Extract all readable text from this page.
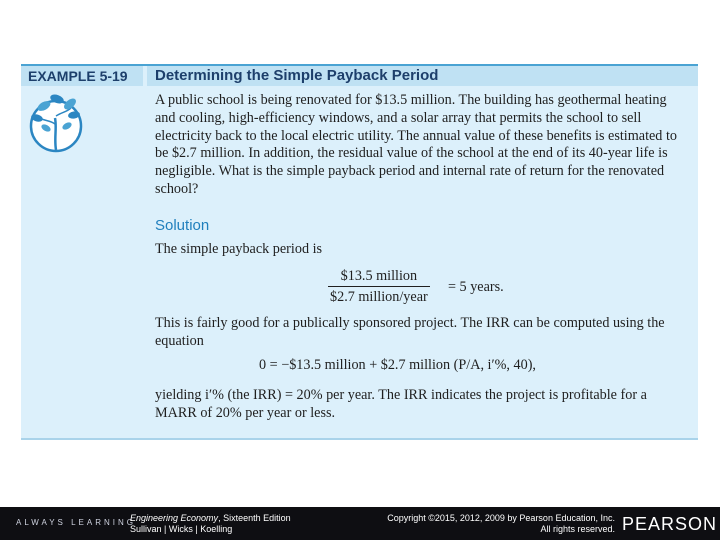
EXAMPLE 5-19	Determining the Simple Payback Period
A public school is being renovated for $13.5 million. The building has geothermal heating and cooling, high-efficiency windows, and a solar array that permits the school to sell electricity back to the local electric utility. The annual value of these benefits is estimated to be $2.7 million. In addition, the residual value of the school at the end of its 40-year life is negligible. What is the simple payback period and internal rate of return for the renovated school?
Solution
The simple payback period is
$13.5 million
$2.7 million/year
= 5 years.
This is fairly good for a publically sponsored project. The IRR can be computed using the equation
0 = −$13.5 million + $2.7 million (P/A, i′%, 40),
yielding i′% (the IRR) = 20% per year. The IRR indicates the project is profitable for a MARR of 20% per year or less.
ALWAYS LEARNING
Engineering Economy, Sixteenth Edition
Sullivan | Wicks | Koelling
Copyright ©2015, 2012, 2009 by Pearson Education, Inc.
All rights reserved. PEARSON
